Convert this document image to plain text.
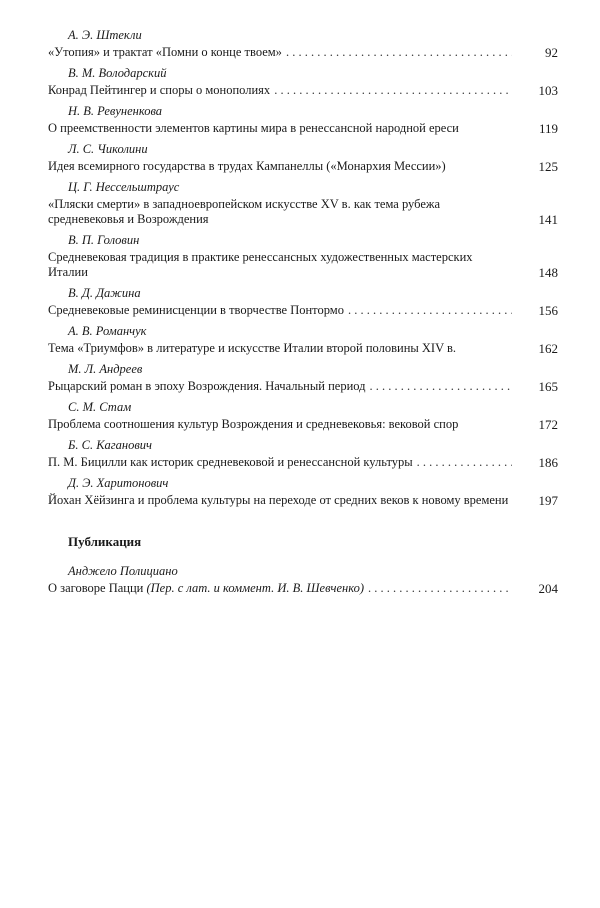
А. Э. Штекли
«Утопия» и трактат «Помни о конце твоем» . . .	92
В. М. Володарский
Конрад Пейтингер и споры о монополиях . . .	103
Н. В. Ревуненкова
О преемственности элементов картины мира в ренессансной народной ереси	119
Л. С. Чиколини
Идея всемирного государства в трудах Кампанеллы («Монархия Мессии»)	125
Ц. Г. Нессельштраус
«Пляски смерти» в западноевропейском искусстве XV в. как тема рубежа средневековья и Возрождения	141
В. П. Головин
Средневековая традиция в практике ренессансных художественных мастерских Италии	148
В. Д. Дажина
Средневековые реминисценции в творчестве Понтормо . . .	156
А. В. Романчук
Тема «Триумфов» в литературе и искусстве Италии второй половины XIV в.	162
М. Л. Андреев
Рыцарский роман в эпоху Возрождения. Начальный период . . .	165
С. М. Стам
Проблема соотношения культур Возрождения и средневековья: вековой спор	172
Б. С. Каганович
П. М. Бицилли как историк средневековой и ренессансной культуры . . .	186
Д. Э. Харитонович
Йохан Хёйзинга и проблема культуры на переходе от средних веков к новому времени	197
Публикация
Анджело Полициано
О заговоре Пацци (Пер. с лат. и коммент. И. В. Шевченко) . . .	204
